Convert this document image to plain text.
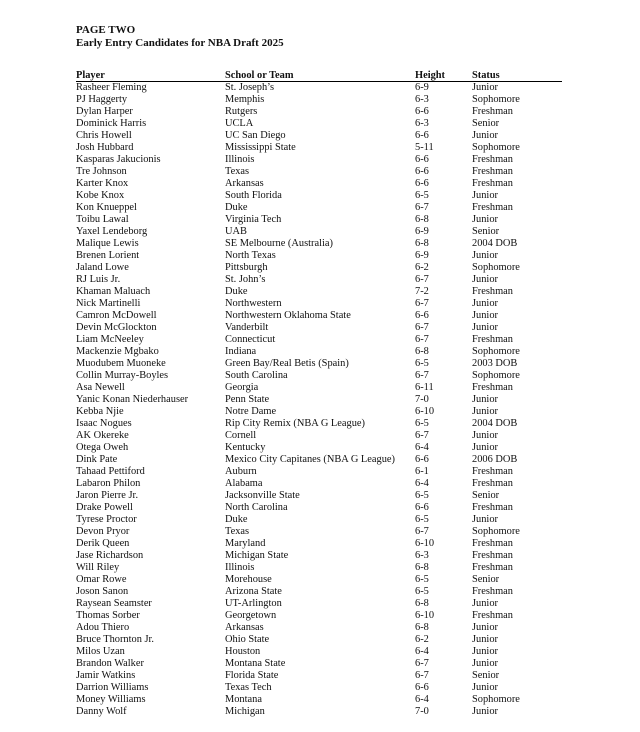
PAGE TWO
Early Entry Candidates for NBA Draft 2025
Player	School or Team	Height	Status
Rasheer Fleming	St. Joseph’s	6-9	Junior
PJ Haggerty	Memphis	6-3	Sophomore
Dylan Harper	Rutgers	6-6	Freshman
Dominick Harris	UCLA	6-3	Senior
Chris Howell	UC San Diego	6-6	Junior
Josh Hubbard	Mississippi State	5-11	Sophomore
Kasparas Jakucionis	Illinois	6-6	Freshman
Tre Johnson	Texas	6-6	Freshman
Karter Knox	Arkansas	6-6	Freshman
Kobe Knox	South Florida	6-5	Junior
Kon Knueppel	Duke	6-7	Freshman
Toibu Lawal	Virginia Tech	6-8	Junior
Yaxel Lendeborg	UAB	6-9	Senior
Malique Lewis	SE Melbourne (Australia)	6-8	2004 DOB
Brenen Lorient	North Texas	6-9	Junior
Jaland Lowe	Pittsburgh	6-2	Sophomore
RJ Luis Jr.	St. John’s	6-7	Junior
Khaman Maluach	Duke	7-2	Freshman
Nick Martinelli	Northwestern	6-7	Junior
Camron McDowell	Northwestern Oklahoma State	6-6	Junior
Devin McGlockton	Vanderbilt	6-7	Junior
Liam McNeeley	Connecticut	6-7	Freshman
Mackenzie Mgbako	Indiana	6-8	Sophomore
Muodubem Muoneke	Green Bay/Real Betis (Spain)	6-5	2003 DOB
Collin Murray-Boyles	South Carolina	6-7	Sophomore
Asa Newell	Georgia	6-11	Freshman
Yanic Konan Niederhauser	Penn State	7-0	Junior
Kebba Njie	Notre Dame	6-10	Junior
Isaac Nogues	Rip City Remix (NBA G League)	6-5	2004 DOB
AK Okereke	Cornell	6-7	Junior
Otega Oweh	Kentucky	6-4	Junior
Dink Pate	Mexico City Capitanes (NBA G League)	6-6	2006 DOB
Tahaad Pettiford	Auburn	6-1	Freshman
Labaron Philon	Alabama	6-4	Freshman
Jaron Pierre Jr.	Jacksonville State	6-5	Senior
Drake Powell	North Carolina	6-6	Freshman
Tyrese Proctor	Duke	6-5	Junior
Devon Pryor	Texas	6-7	Sophomore
Derik Queen	Maryland	6-10	Freshman
Jase Richardson	Michigan State	6-3	Freshman
Will Riley	Illinois	6-8	Freshman
Omar Rowe	Morehouse	6-5	Senior
Joson Sanon	Arizona State	6-5	Freshman
Raysean Seamster	UT-Arlington	6-8	Junior
Thomas Sorber	Georgetown	6-10	Freshman
Adou Thiero	Arkansas	6-8	Junior
Bruce Thornton Jr.	Ohio State	6-2	Junior
Milos Uzan	Houston	6-4	Junior
Brandon Walker	Montana State	6-7	Junior
Jamir Watkins	Florida State	6-7	Senior
Darrion Williams	Texas Tech	6-6	Junior
Money Williams	Montana	6-4	Sophomore
Danny Wolf	Michigan	7-0	Junior
